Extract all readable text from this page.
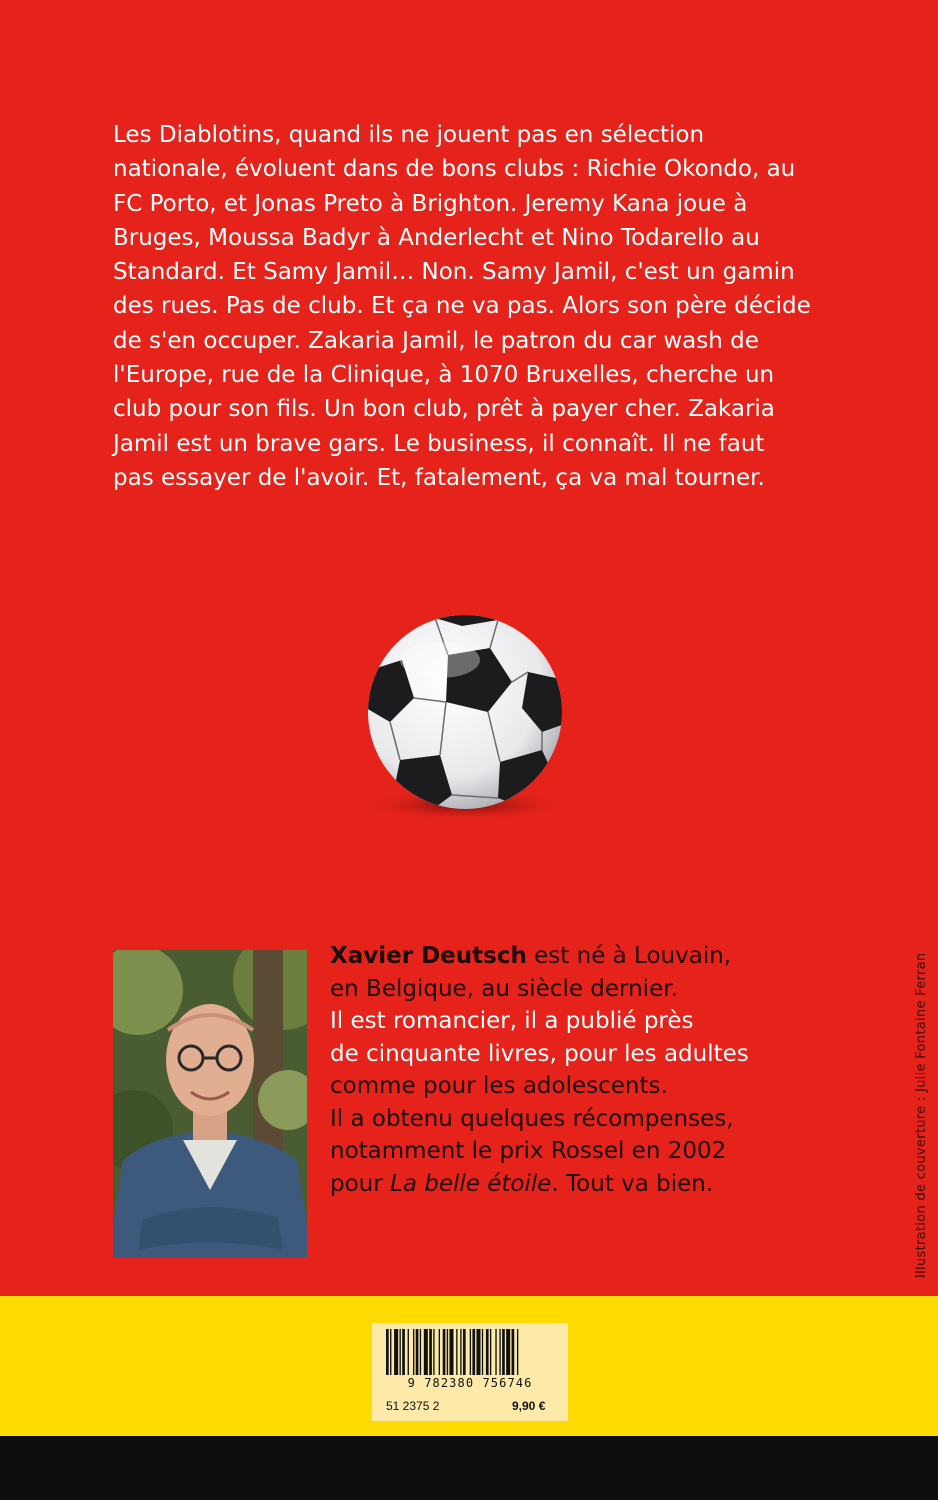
Les Diablotins, quand ils ne jouent pas en sélection
nationale, évoluent dans de bons clubs : Richie Okondo, au
FC Porto, et Jonas Preto à Brighton. Jeremy Kana joue à
Bruges, Moussa Badyr à Anderlecht et Nino Todarello au
Standard. Et Samy Jamil… Non. Samy Jamil, c'est un gamin
des rues. Pas de club. Et ça ne va pas. Alors son père décide
de s'en occuper. Zakaria Jamil, le patron du car wash de
l'Europe, rue de la Clinique, à 1070 Bruxelles, cherche un
club pour son fils. Un bon club, prêt à payer cher. Zakaria
Jamil est un brave gars. Le business, il connaît. Il ne faut
pas essayer de l'avoir. Et, fatalement, ça va mal tourner.

Xavier Deutsch est né à Louvain,
en Belgique, au siècle dernier.
Il est romancier, il a publié près
de cinquante livres, pour les adultes
comme pour les adolescents.
Il a obtenu quelques récompenses,
notamment le prix Rossel en 2002
pour La belle étoile. Tout va bien.	Illustration de couverture : Julie Fontaine Ferran
9 782380 756746
51 2375 2	9,90 €
